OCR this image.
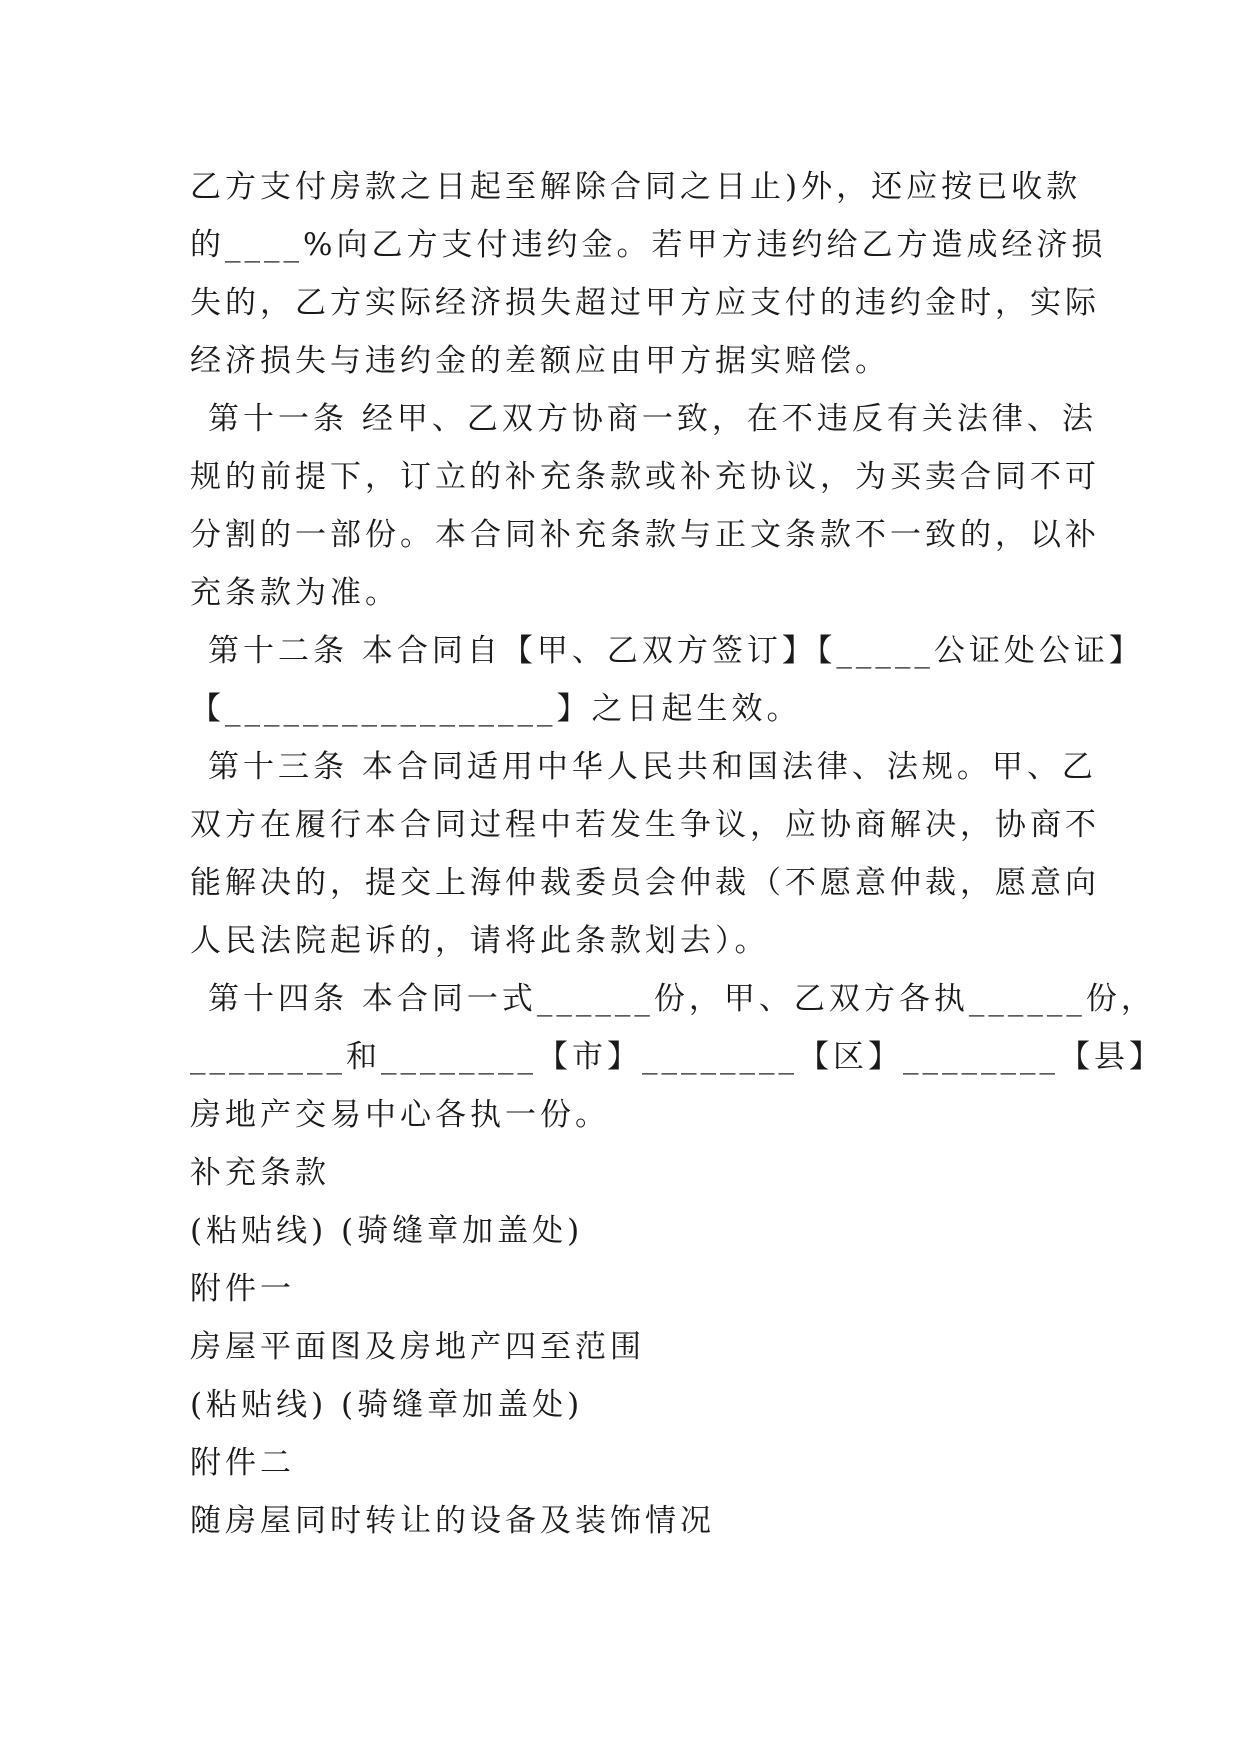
乙方支付房款之日起至解除合同之日止)外，还应按已收款
的____%向乙方支付违约金。若甲方违约给乙方造成经济损
失的，乙方实际经济损失超过甲方应支付的违约金时，实际
经济损失与违约金的差额应由甲方据实赔偿。
第十一条 经甲、乙双方协商一致，在不违反有关法律、法
规的前提下，订立的补充条款或补充协议，为买卖合同不可
分割的一部份。本合同补充条款与正文条款不一致的，以补
充条款为准。
第十二条 本合同自【甲、乙双方签订】【_____公证处公证】
【_________________】之日起生效。
第十三条 本合同适用中华人民共和国法律、法规。甲、乙
双方在履行本合同过程中若发生争议，应协商解决，协商不
能解决的，提交上海仲裁委员会仲裁（不愿意仲裁，愿意向
人民法院起诉的，请将此条款划去）。
第十四条 本合同一式______份，甲、乙双方各执______份，
________和________【市】________【区】________【县】
房地产交易中心各执一份。
补充条款
(粘贴线) (骑缝章加盖处)
附件一
房屋平面图及房地产四至范围
(粘贴线) (骑缝章加盖处)
附件二
随房屋同时转让的设备及装饰情况
